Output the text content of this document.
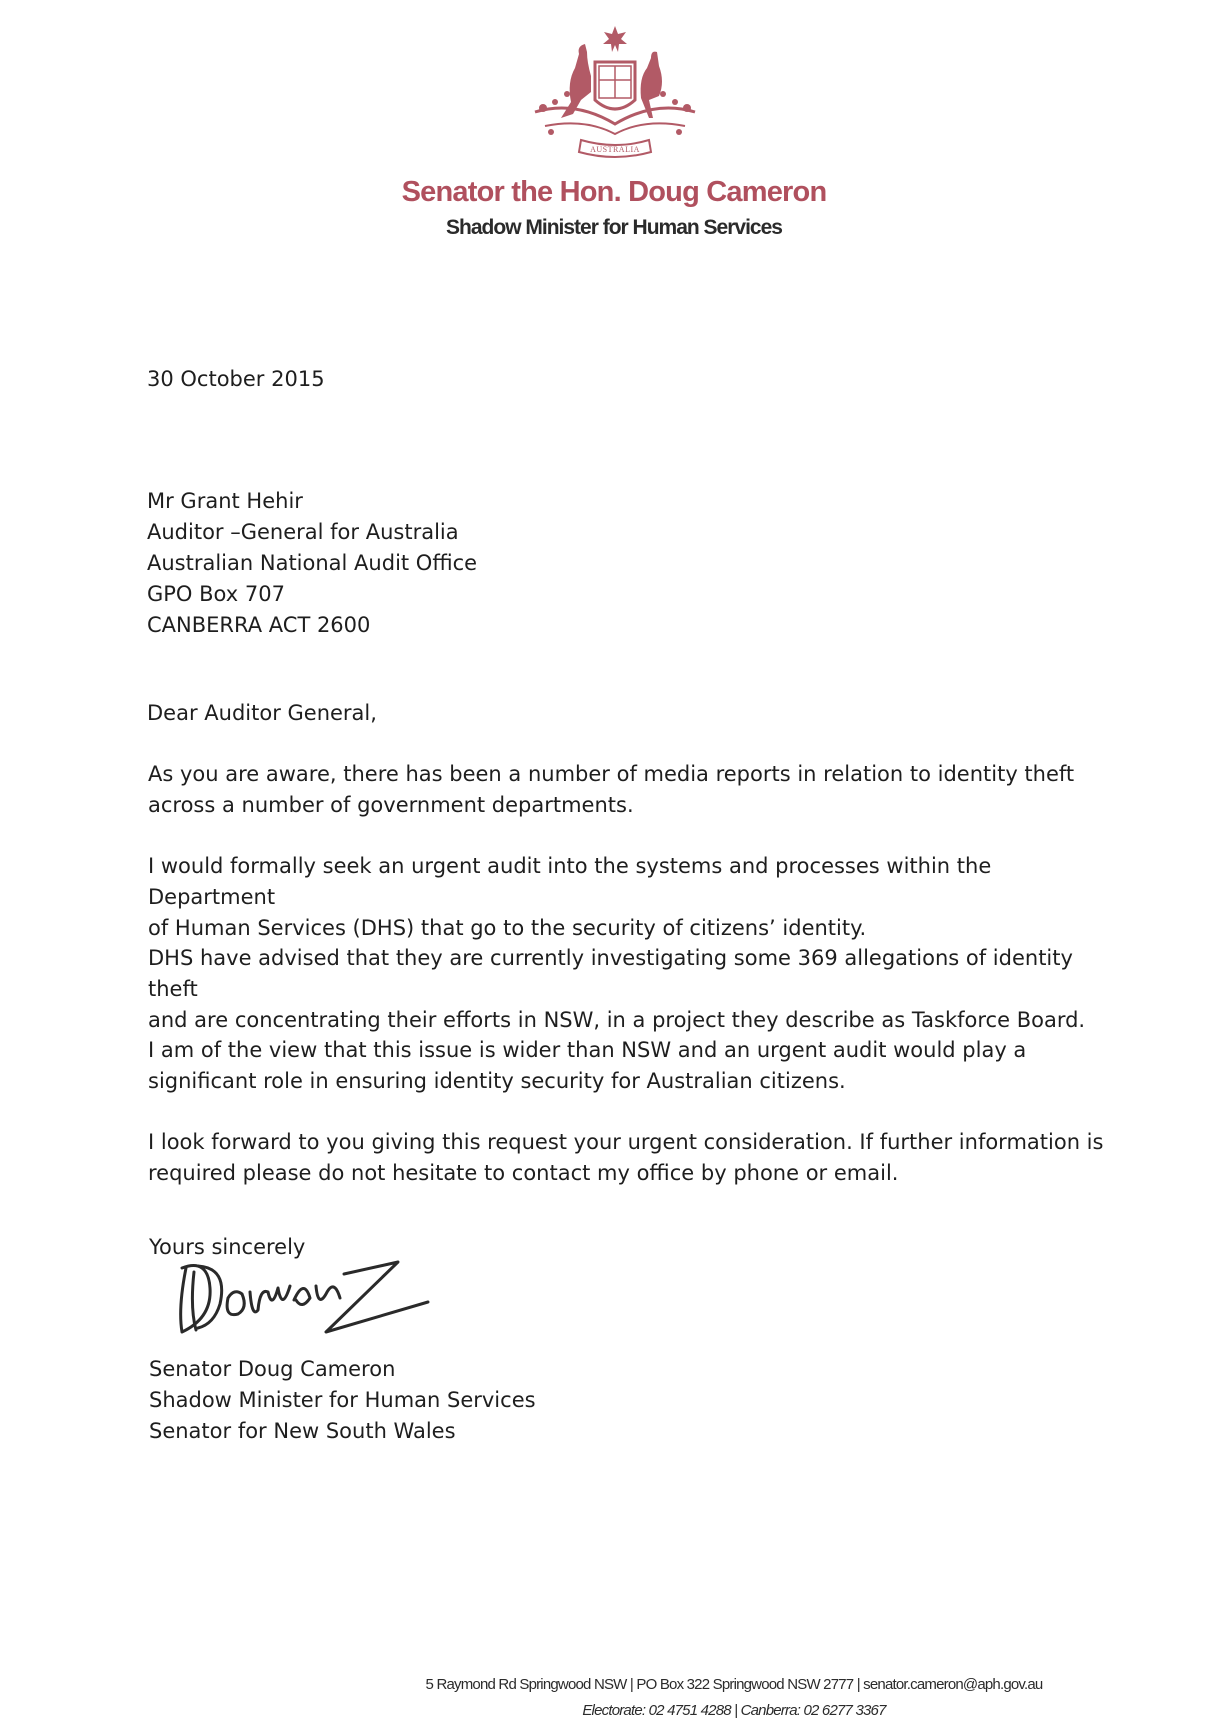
AUSTRALIA
Senator the Hon. Doug Cameron
Shadow Minister for Human Services
30 October 2015
Mr Grant Hehir
Auditor –General for Australia
Australian National Audit Office
GPO Box 707
CANBERRA ACT 2600
Dear Auditor General,
As you are aware, there has been a number of media reports in relation to identity theft
across a number of government departments.
I would formally seek an urgent audit into the systems and processes within the Department
of Human Services (DHS) that go to the security of citizens’ identity.
DHS have advised that they are currently investigating some 369 allegations of identity theft
and are concentrating their efforts in NSW, in a project they describe as Taskforce Board.
I am of the view that this issue is wider than NSW and an urgent audit would play a
significant role in ensuring identity security for Australian citizens.
I look forward to you giving this request your urgent consideration. If further information is
required please do not hesitate to contact my office by phone or email.
Yours sincerely
Senator Doug Cameron
Shadow Minister for Human Services
Senator for New South Wales
5 Raymond Rd Springwood NSW | PO Box 322 Springwood NSW 2777 | senator.cameron@aph.gov.au
Electorate: 02 4751 4288 | Canberra: 02 6277 3367
